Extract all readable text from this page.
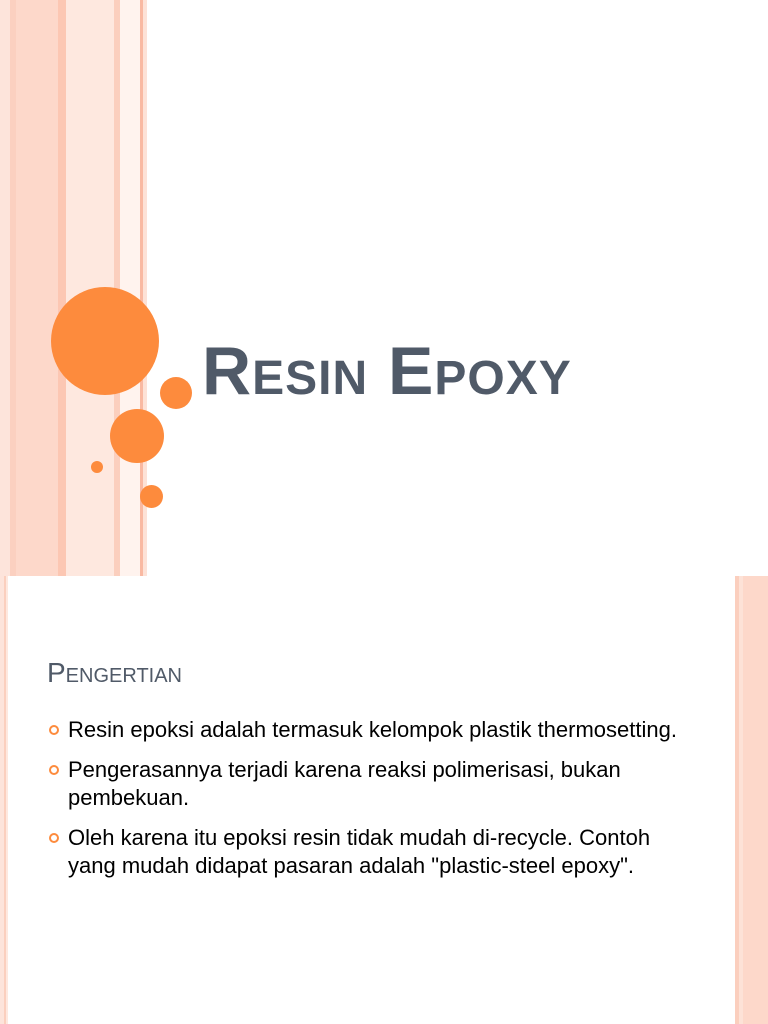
Resin Epoxy
Pengertian
Resin epoksi adalah termasuk kelompok plastik thermosetting.
Pengerasannya terjadi karena reaksi polimerisasi, bukan pembekuan.
Oleh karena itu epoksi resin tidak mudah di-recycle. Contoh yang mudah didapat pasaran adalah "plastic-steel epoxy".
